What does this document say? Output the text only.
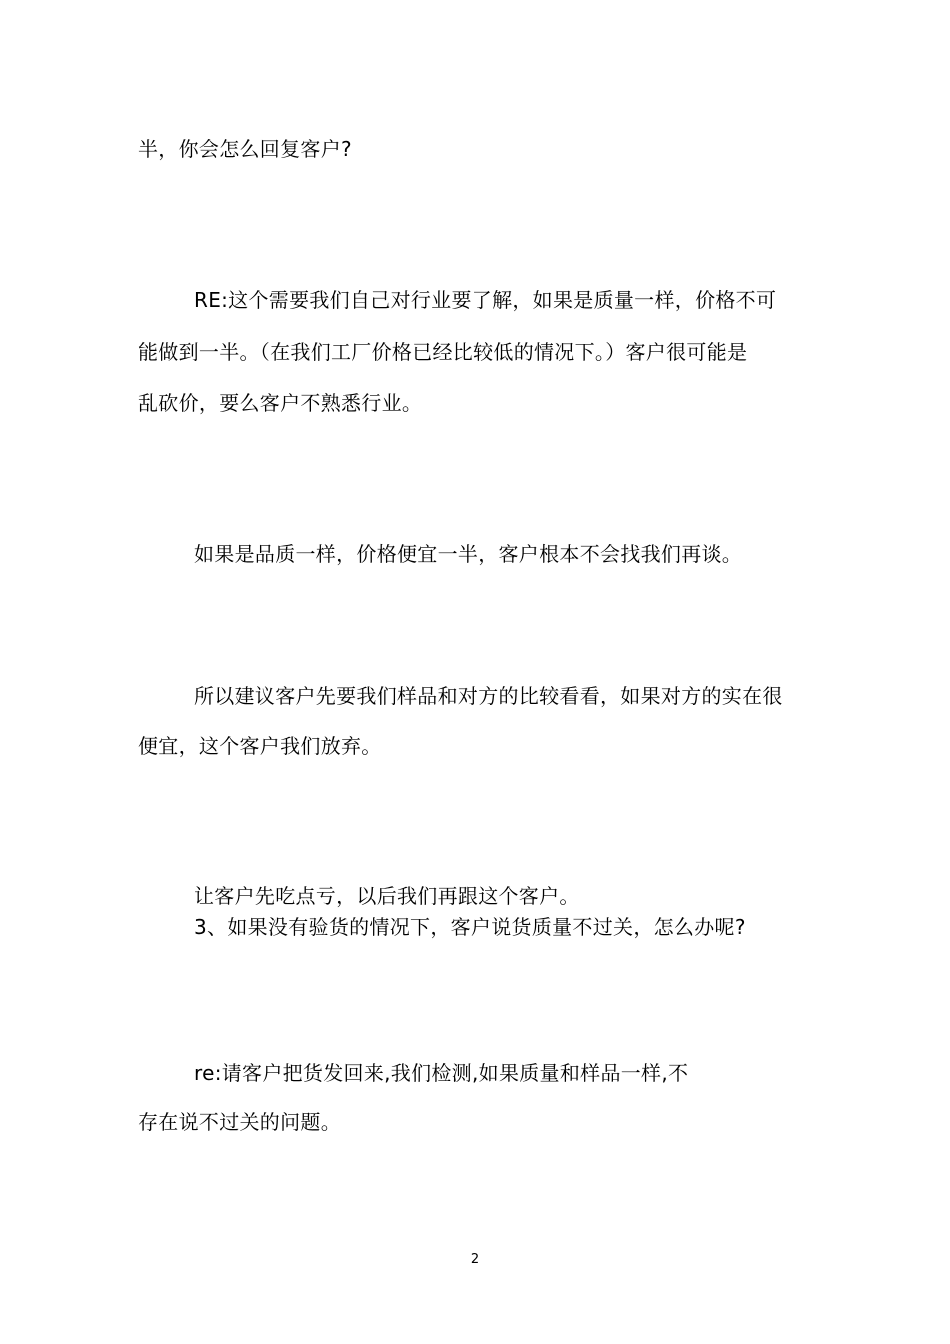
半，你会怎么回复客户?
RE:这个需要我们自己对行业要了解，如果是质量一样，价格不可
能做到一半。（在我们工厂价格已经比较低的情况下。）客户很可能是
乱砍价，要么客户不熟悉行业。
如果是品质一样，价格便宜一半，客户根本不会找我们再谈。
所以建议客户先要我们样品和对方的比较看看，如果对方的实在很
便宜，这个客户我们放弃。
让客户先吃点亏，以后我们再跟这个客户。
3、如果没有验货的情况下，客户说货质量不过关，怎么办呢?
re:请客户把货发回来,我们检测,如果质量和样品一样,不
存在说不过关的问题。
2
